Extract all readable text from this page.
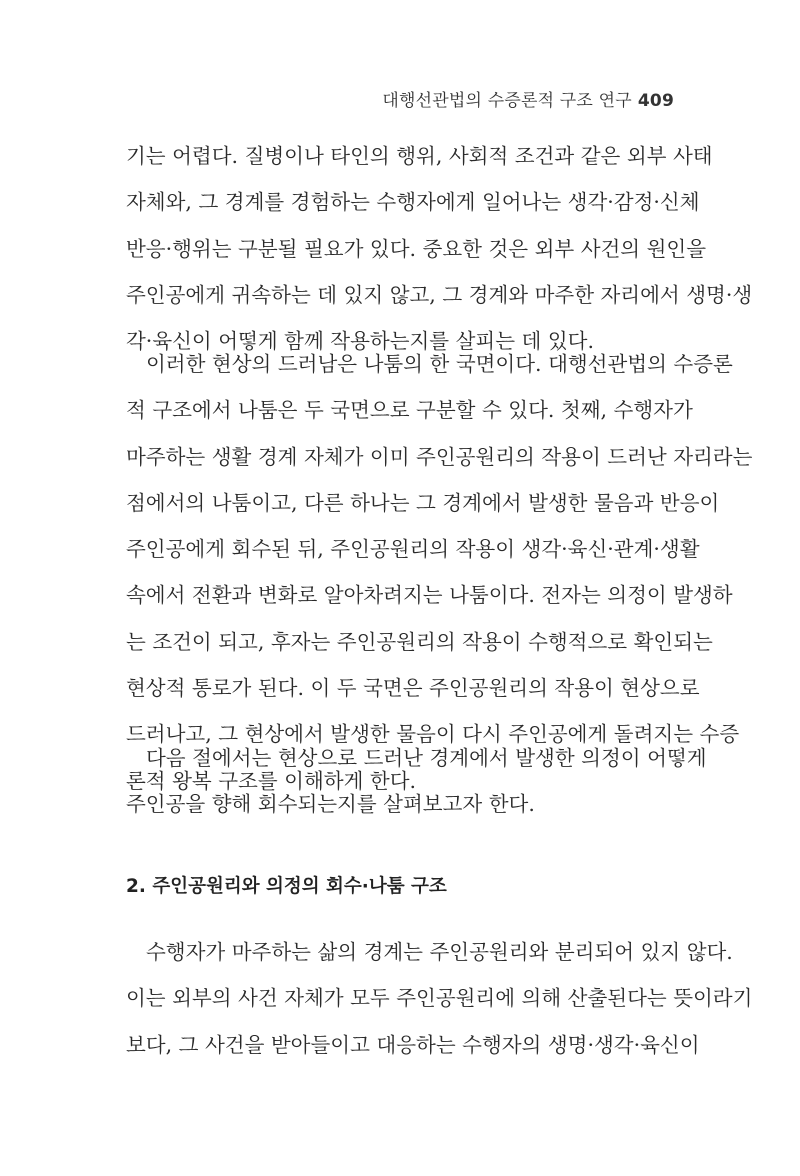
대행선관법의 수증론적 구조 연구 409
기는 어렵다. 질병이나 타인의 행위, 사회적 조건과 같은 외부 사태
자체와, 그 경계를 경험하는 수행자에게 일어나는 생각·감정·신체
반응·행위는 구분될 필요가 있다. 중요한 것은 외부 사건의 원인을
주인공에게 귀속하는 데 있지 않고, 그 경계와 마주한 자리에서 생명·생
각·육신이 어떻게 함께 작용하는지를 살피는 데 있다.
이러한 현상의 드러남은 나툼의 한 국면이다. 대행선관법의 수증론
적 구조에서 나툼은 두 국면으로 구분할 수 있다. 첫째, 수행자가
마주하는 생활 경계 자체가 이미 주인공원리의 작용이 드러난 자리라는
점에서의 나툼이고, 다른 하나는 그 경계에서 발생한 물음과 반응이
주인공에게 회수된 뒤, 주인공원리의 작용이 생각·육신·관계·생활
속에서 전환과 변화로 알아차려지는 나툼이다. 전자는 의정이 발생하
는 조건이 되고, 후자는 주인공원리의 작용이 수행적으로 확인되는
현상적 통로가 된다. 이 두 국면은 주인공원리의 작용이 현상으로
드러나고, 그 현상에서 발생한 물음이 다시 주인공에게 돌려지는 수증
론적 왕복 구조를 이해하게 한다.
다음 절에서는 현상으로 드러난 경계에서 발생한 의정이 어떻게
주인공을 향해 회수되는지를 살펴보고자 한다.
2. 주인공원리와 의정의 회수·나툼 구조
수행자가 마주하는 삶의 경계는 주인공원리와 분리되어 있지 않다.
이는 외부의 사건 자체가 모두 주인공원리에 의해 산출된다는 뜻이라기
보다, 그 사건을 받아들이고 대응하는 수행자의 생명·생각·육신이
